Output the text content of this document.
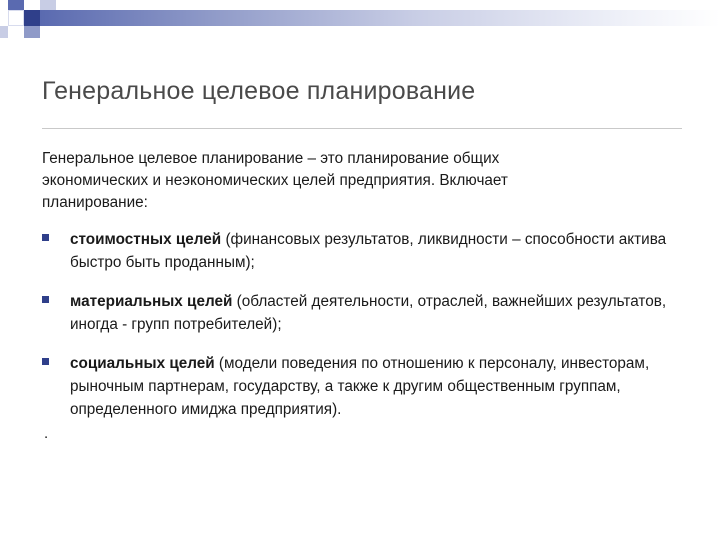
Генеральное целевое планирование
Генеральное целевое планирование – это планирование общих экономических и неэкономических целей предприятия. Включает планирование:
стоимостных целей (финансовых результатов, ликвидности – способности актива быстро быть проданным);
материальных целей (областей деятельности, отраслей, важнейших результатов, иногда - групп потребителей);
социальных целей (модели поведения по отношению к персоналу, инвесторам, рыночным партнерам, государству, а также к другим общественным группам, определенного имиджа предприятия).
.
